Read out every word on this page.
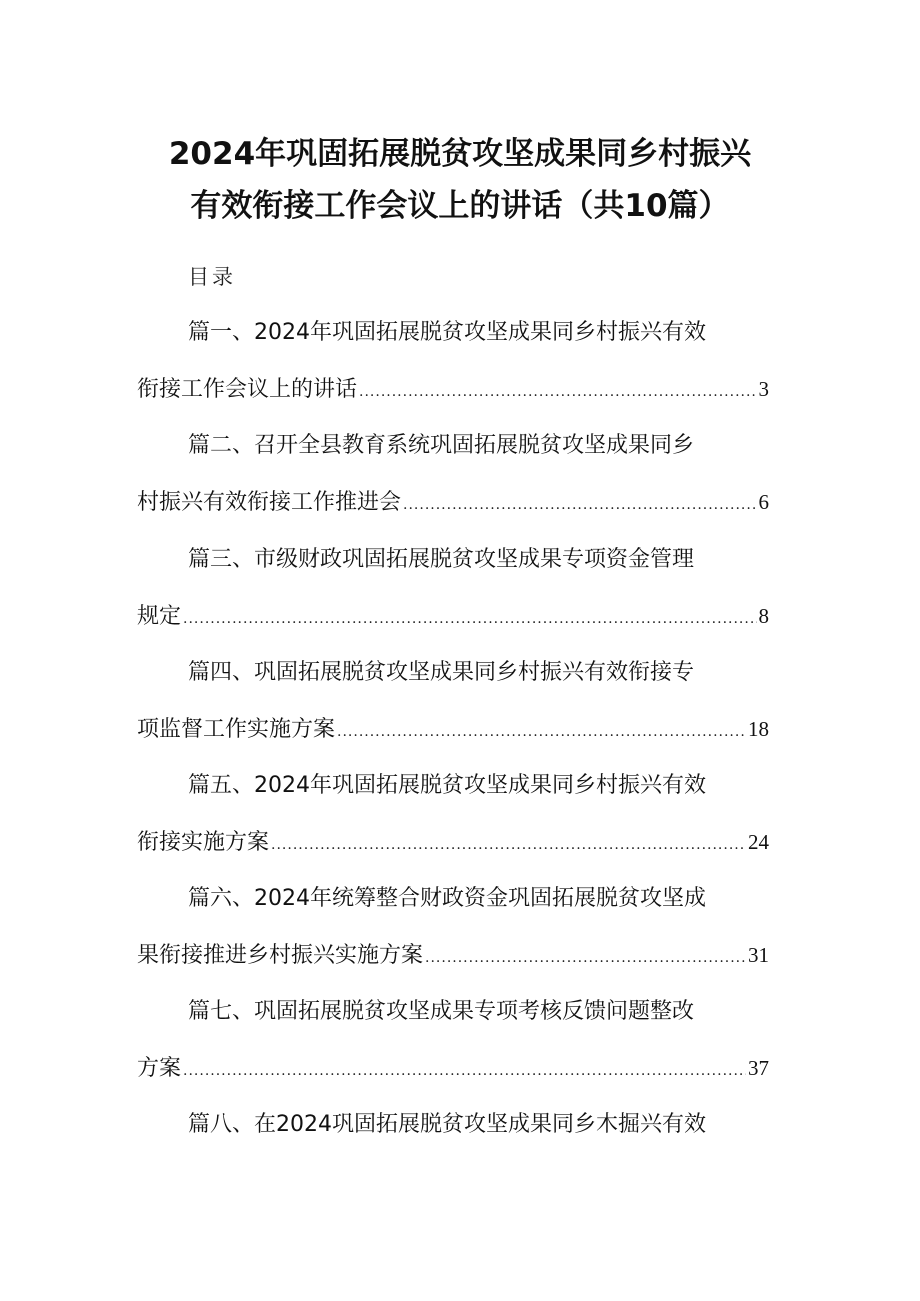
2024年巩固拓展脱贫攻坚成果同乡村振兴
有效衔接工作会议上的讲话（共10篇）
目录
篇一、2024年巩固拓展脱贫攻坚成果同乡村振兴有效
衔接工作会议上的讲话 .....	3
篇二、召开全县教育系统巩固拓展脱贫攻坚成果同乡
村振兴有效衔接工作推进会 .....	6
篇三、市级财政巩固拓展脱贫攻坚成果专项资金管理
规定 .....	8
篇四、巩固拓展脱贫攻坚成果同乡村振兴有效衔接专
项监督工作实施方案 .....	18
篇五、2024年巩固拓展脱贫攻坚成果同乡村振兴有效
衔接实施方案 .....	24
篇六、2024年统筹整合财政资金巩固拓展脱贫攻坚成
果衔接推进乡村振兴实施方案 .....	31
篇七、巩固拓展脱贫攻坚成果专项考核反馈问题整改
方案 .....	37
篇八、在2024巩固拓展脱贫攻坚成果同乡木掘兴有效
